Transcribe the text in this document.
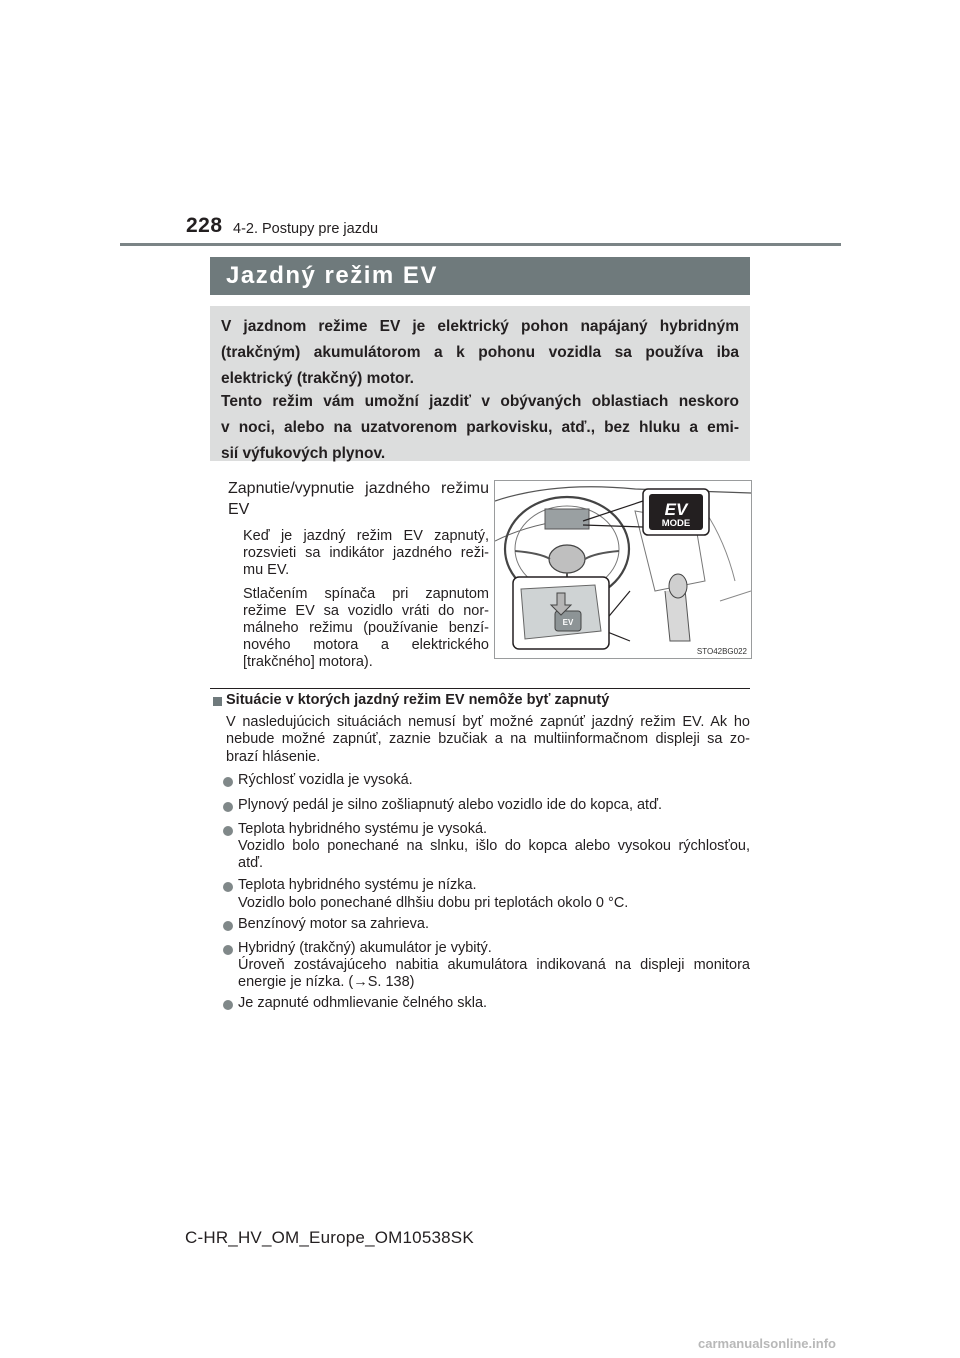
228 4-2. Postupy pre jazdu
Jazdný režim EV

V jazdnom režime EV je elektrický pohon napájaný hybridným
(trakčným) akumulátorom a k pohonu vozidla sa používa iba
elektrický (trakčný) motor.

Tento režim vám umožní jazdiť v obývaných oblastiach neskoro
v noci, alebo na uzatvorenom parkovisku, atď., bez hluku a emi-
sií výfukových plynov.

Zapnutie/vypnutie jazdného režimu
EV
Keď je jazdný režim EV zapnutý,
rozsvieti sa indikátor jazdného reži-
mu EV.
Stlačením spínača pri zapnutom
režime EV sa vozidlo vráti do nor-
málneho režimu (používanie benzí-
nového motora a elektrického
[trakčného] motora).
EV
MODE
EV
STO42BG022
Situácie v ktorých jazdný režim EV nemôže byť zapnutý
V nasledujúcich situáciách nemusí byť možné zapnúť jazdný režim EV. Ak ho
nebude možné zapnúť, zaznie bzučiak a na multiinformačnom displeji sa zo-
brazí hlásenie.
Rýchlosť vozidla je vysoká.
Plynový pedál je silno zošliapnutý alebo vozidlo ide do kopca, atď.
Teplota hybridného systému je vysoká.
Vozidlo bolo ponechané na slnku, išlo do kopca alebo vysokou rýchlosťou,
atď.
Teplota hybridného systému je nízka.
Vozidlo bolo ponechané dlhšiu dobu pri teplotách okolo 0 °C.
Benzínový motor sa zahrieva.
Hybridný (trakčný) akumulátor je vybitý.
Úroveň zostávajúceho nabitia akumulátora indikovaná na displeji monitora
energie je nízka. (→S. 138)
Je zapnuté odhmlievanie čelného skla.
C-HR_HV_OM_Europe_OM10538SK
carmanualsonline.info
